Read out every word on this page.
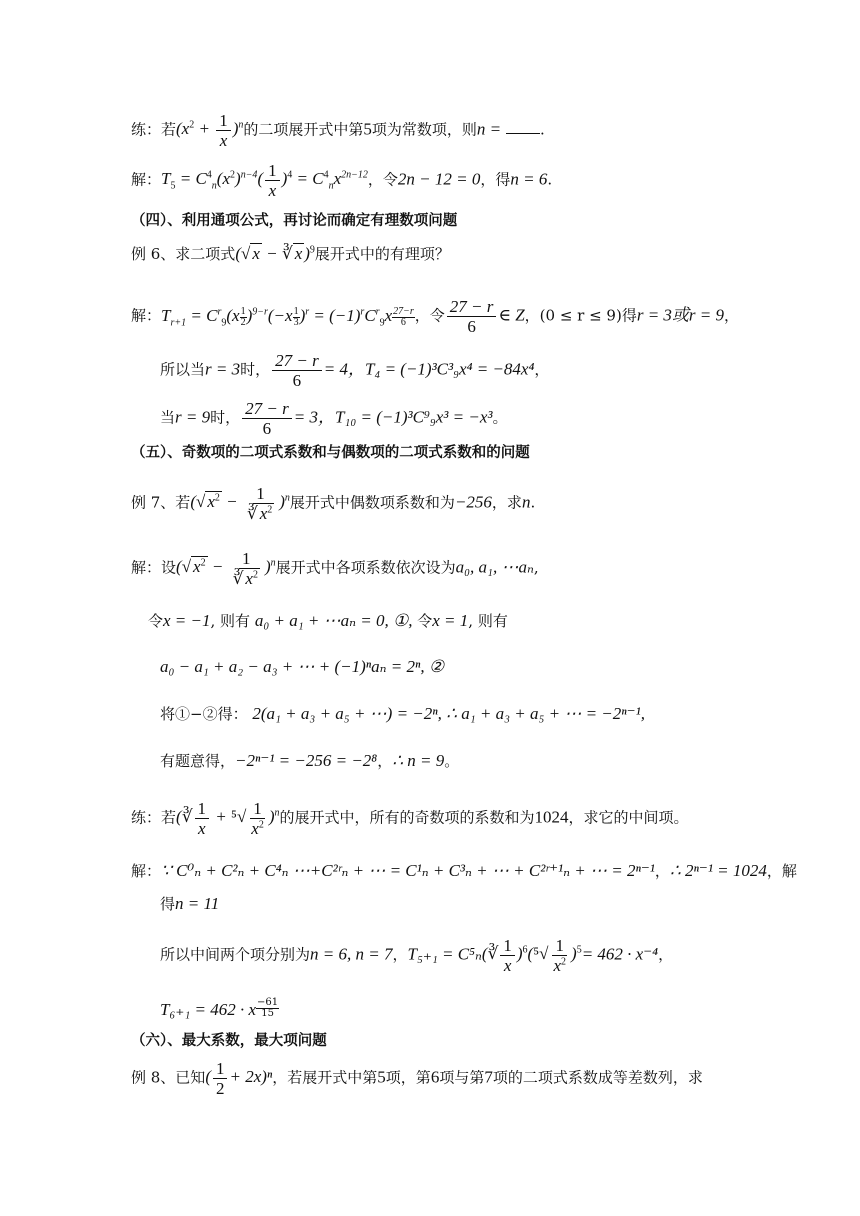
练：若$(x^2 + \frac{1}{x} )^n$的二项展开式中第5项为常数项，则n =	.
解：$T_5 = C^4_n(x^2)^{n-4}( \frac{1}{x} )^4 = C^4_nx^{2n-12}$，令2n − 12 = 0，得n = 6.
（四）、利用通项公式，再讨论而确定有理数项问题
例 6、求二项式(√ x − ∛ x )$^9$展开式中的有理项？
解：$T_{r+1} = C^r_9(x \frac{1}{2} )^{9-r}(-x \frac{1}{3} )^r = (-1)^rC^r_9x \frac{27-r}{6}$ ，令 $\frac{27 - r}{6}$ ∈ Z，(0 ≤ r ≤ 9)得r = 3或r = 9，
所以当r = 3时， $\frac{27 - r}{6} = 4$，T₄ = (−1)³C³₉x⁴ = −84x⁴，
当r = 9时， $\frac{27 - r}{6} = 3$，T₁₀ = (−1)³C⁹₉x³ = −x³。
（五）、奇数项的二项式系数和与偶数项的二项式系数和的问题
例 7、若(√ $x^2 - \frac{1}{∛ x^2} )^n$展开式中偶数项系数和为−256，求n.
解：设(√ $x^2 - \frac{1}{∛ x^2} )^n$展开式中各项系数依次设为a₀, a₁, ⋯aₙ,
令x = −1, 则有 a₀ + a₁ + ⋯aₙ = 0, ①, 令x = 1, 则有
a₀ − a₁ + a₂ − a₃ + ⋯ + (−1)ⁿaₙ = 2ⁿ, ②
将①−②得： 2(a₁ + a₃ + a₅ + ⋯) = −2ⁿ, ∴ a₁ + a₃ + a₅ + ⋯ = −2ⁿ⁻¹,
有题意得，−2ⁿ⁻¹ = −256 = −2⁸，∴ n = 9。
练：若(∛ $\frac{1}{x} + ^5√ \frac{1}{x^2} )^n$的展开式中，所有的奇数项的系数和为1024，求它的中间项。
解：∵ C⁰ₙ + C²ₙ + C⁴ₙ ⋯+C²ʳₙ + ⋯ = C¹ₙ + C³ₙ + ⋯ + C²ʳ⁺¹ₙ + ⋯ = 2ⁿ⁻¹，∴ 2ⁿ⁻¹ = 1024，解
得n = 11
所以中间两个项分别为n = 6, n = 7，T₅₊₁ = C⁵ₙ(∛ $\frac{1}{x} )^6(^5√ \frac{1}{x^2} )^5= 462 \cdot x^{-4}$，
T₆₊₁ = 462 · x $\frac{-61}{15}$
（六）、最大系数，最大项问题
例 8、已知( $\frac{1}{2} + 2x)^n$，若展开式中第5项，第6项与第7项的二项式系数成等差数列，求
